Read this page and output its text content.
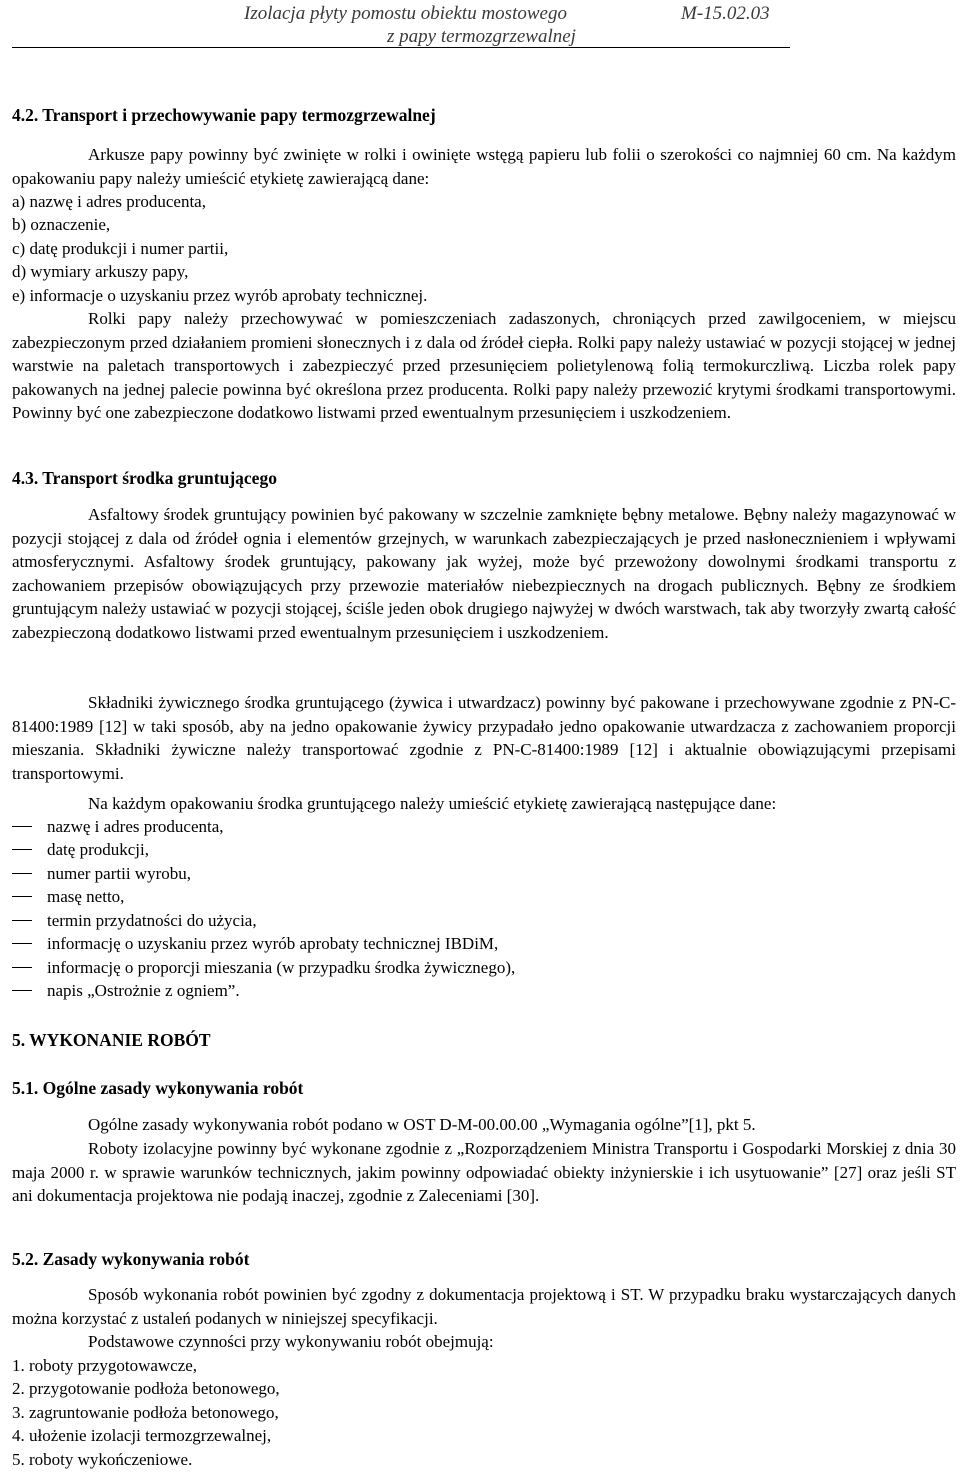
Izolacja płyty pomostu obiektu mostowego	M-15.02.03
z papy termozgrzewalnej
4.2. Transport i przechowywanie papy termozgrzewalnej

Arkusze papy powinny być zwinięte w rolki i owinięte wstęgą papieru lub folii o szerokości co najmniej 60 cm. Na każdym opakowaniu papy należy umieścić etykietę zawierającą dane:

a) nazwę i adres producenta,
b) oznaczenie,
c) datę produkcji i numer partii,
d) wymiary arkuszy papy,
e) informacje o uzyskaniu przez wyrób aprobaty technicznej.

Rolki papy należy przechowywać w pomieszczeniach zadaszonych, chroniących przed zawilgoceniem, w miejscu zabezpieczonym przed działaniem promieni słonecznych i z dala od źródeł ciepła. Rolki papy należy ustawiać w pozycji stojącej w jednej warstwie na paletach transportowych i zabezpieczyć przed przesunięciem polietylenową folią termokurczliwą. Liczba rolek papy pakowanych na jednej palecie powinna być określona przez producenta. Rolki papy należy przewozić krytymi środkami transportowymi. Powinny być one zabezpieczone dodatkowo listwami przed ewentualnym przesunięciem i uszkodzeniem.

4.3. Transport środka gruntującego

Asfaltowy środek gruntujący powinien być pakowany w szczelnie zamknięte bębny metalowe. Bębny należy magazynować w pozycji stojącej z dala od źródeł ognia i elementów grzejnych, w warunkach zabezpieczających je przed nasłonecznieniem i wpływami atmosferycznymi. Asfaltowy środek gruntujący, pakowany jak wyżej, może być przewożony dowolnymi środkami transportu z zachowaniem przepisów obowiązujących przy przewozie materiałów niebezpiecznych na drogach publicznych. Bębny ze środkiem gruntującym należy ustawiać w pozycji stojącej, ściśle jeden obok drugiego najwyżej w dwóch warstwach, tak aby tworzyły zwartą całość zabezpieczoną dodatkowo listwami przed ewentualnym przesunięciem i uszkodzeniem.

Składniki żywicznego środka gruntującego (żywica i utwardzacz) powinny być pakowane i przechowywane zgodnie z PN-C-81400:1989 [12] w taki sposób, aby na jedno opakowanie żywicy przypadało jedno opakowanie utwardzacza z zachowaniem proporcji mieszania. Składniki żywiczne należy transportować zgodnie z PN-C-81400:1989 [12] i aktualnie obowiązującymi przepisami transportowymi.

Na każdym opakowaniu środka gruntującego należy umieścić etykietę zawierającą następujące dane:

nazwę i adres producenta,
datę produkcji,
numer partii wyrobu,
masę netto,
termin przydatności do użycia,
informację o uzyskaniu przez wyrób aprobaty technicznej IBDiM,
informację o proporcji mieszania (w przypadku środka żywicznego),
napis „Ostrożnie z ogniem”.
5. WYKONANIE ROBÓT
5.1. Ogólne zasady wykonywania robót

Ogólne zasady wykonywania robót podano w OST D-M-00.00.00 „Wymagania ogólne”[1], pkt 5.

Roboty izolacyjne powinny być wykonane zgodnie z „Rozporządzeniem Ministra Transportu i Gospodarki Morskiej z dnia 30 maja 2000 r. w sprawie warunków technicznych, jakim powinny odpowiadać obiekty inżynierskie i ich usytuowanie” [27] oraz jeśli ST ani dokumentacja projektowa nie podają inaczej, zgodnie z Zaleceniami [30].

5.2. Zasady wykonywania robót

Sposób wykonania robót powinien być zgodny z dokumentacja projektową i ST. W przypadku braku wystarczających danych można korzystać z ustaleń podanych w niniejszej specyfikacji.

Podstawowe czynności przy wykonywaniu robót obejmują:

1. roboty przygotowawcze,
2. przygotowanie podłoża betonowego,
3. zagruntowanie podłoża betonowego,
4. ułożenie izolacji termozgrzewalnej,
5. roboty wykończeniowe.
